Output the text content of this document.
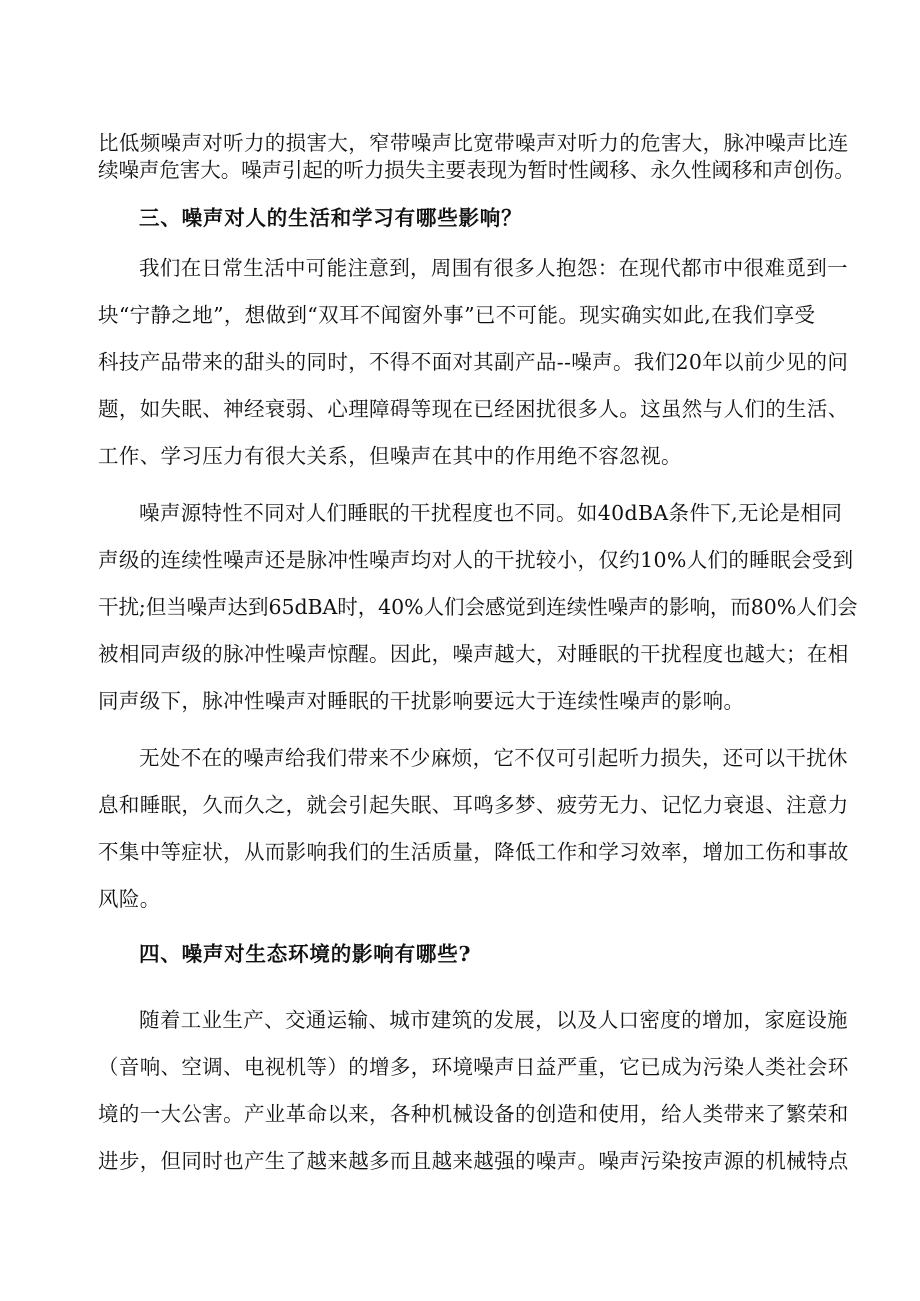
比低频噪声对听力的损害大，窄带噪声比宽带噪声对听力的危害大，脉冲噪声比连
续噪声危害大。噪声引起的听力损失主要表现为暂时性阈移、永久性阈移和声创伤。
三、噪声对人的生活和学习有哪些影响？
我们在日常生活中可能注意到，周围有很多人抱怨：在现代都市中很难觅到一
块“宁静之地”，想做到“双耳不闻窗外事”已不可能。现实确实如此,在我们享受
科技产品带来的甜头的同时，不得不面对其副产品--噪声。我们20年以前少见的问
题，如失眠、神经衰弱、心理障碍等现在已经困扰很多人。这虽然与人们的生活、
工作、学习压力有很大关系，但噪声在其中的作用绝不容忽视。
噪声源特性不同对人们睡眠的干扰程度也不同。如40dBA条件下,无论是相同
声级的连续性噪声还是脉冲性噪声均对人的干扰较小，仅约10%人们的睡眠会受到
干扰;但当噪声达到65dBA时，40%人们会感觉到连续性噪声的影响，而80%人们会
被相同声级的脉冲性噪声惊醒。因此，噪声越大，对睡眠的干扰程度也越大；在相
同声级下，脉冲性噪声对睡眠的干扰影响要远大于连续性噪声的影响。
无处不在的噪声给我们带来不少麻烦，它不仅可引起听力损失，还可以干扰休
息和睡眠，久而久之，就会引起失眠、耳鸣多梦、疲劳无力、记忆力衰退、注意力
不集中等症状，从而影响我们的生活质量，降低工作和学习效率，增加工伤和事故
风险。
四、噪声对生态环境的影响有哪些?
随着工业生产、交通运输、城市建筑的发展，以及人口密度的增加，家庭设施
（音响、空调、电视机等）的增多，环境噪声日益严重，它已成为污染人类社会环
境的一大公害。产业革命以来，各种机械设备的创造和使用，给人类带来了繁荣和
进步，但同时也产生了越来越多而且越来越强的噪声。噪声污染按声源的机械特点
